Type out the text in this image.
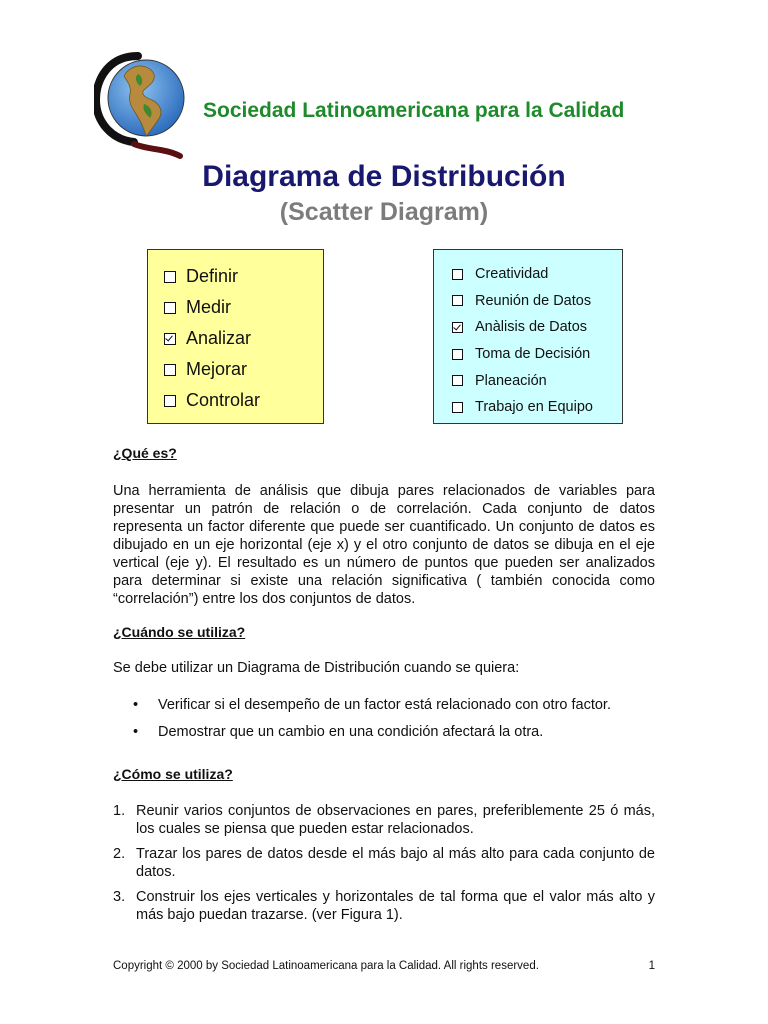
Sociedad Latinoamericana para la Calidad
Diagrama de Distribución
(Scatter Diagram)
Definir
Medir
Analizar
Mejorar
Controlar
Creatividad
Reunión de Datos
Anàlisis de Datos
Toma de Decisión
Planeación
Trabajo en Equipo
¿Qué es?
Una herramienta de análisis que dibuja pares relacionados de variables para presentar un patrón de relación o de correlación. Cada conjunto de datos representa un factor diferente que puede ser cuantificado. Un conjunto de datos es dibujado en un eje horizontal (eje x) y el otro conjunto de datos se dibuja en el eje vertical (eje y). El resultado es un número de puntos que pueden ser analizados para determinar si existe una relación significativa ( también conocida como “correlación”) entre los dos conjuntos de datos.
¿Cuándo se utiliza?
Se debe utilizar un Diagrama de Distribución cuando se quiera:
• Verificar si el desempeño de un factor está relacionado con otro factor.
• Demostrar que un cambio en una condición afectará la otra.
¿Cómo se utiliza?
1. Reunir varios conjuntos de observaciones en pares, preferiblemente 25 ó más, los cuales se piensa que pueden estar relacionados.
2. Trazar los pares de datos desde el más bajo al más alto para cada conjunto de datos.
3. Construir los ejes verticales y horizontales de tal forma que el valor más alto y más bajo puedan trazarse. (ver Figura 1).
Copyright © 2000 by Sociedad Latinoamericana para la Calidad. All rights reserved.	1
